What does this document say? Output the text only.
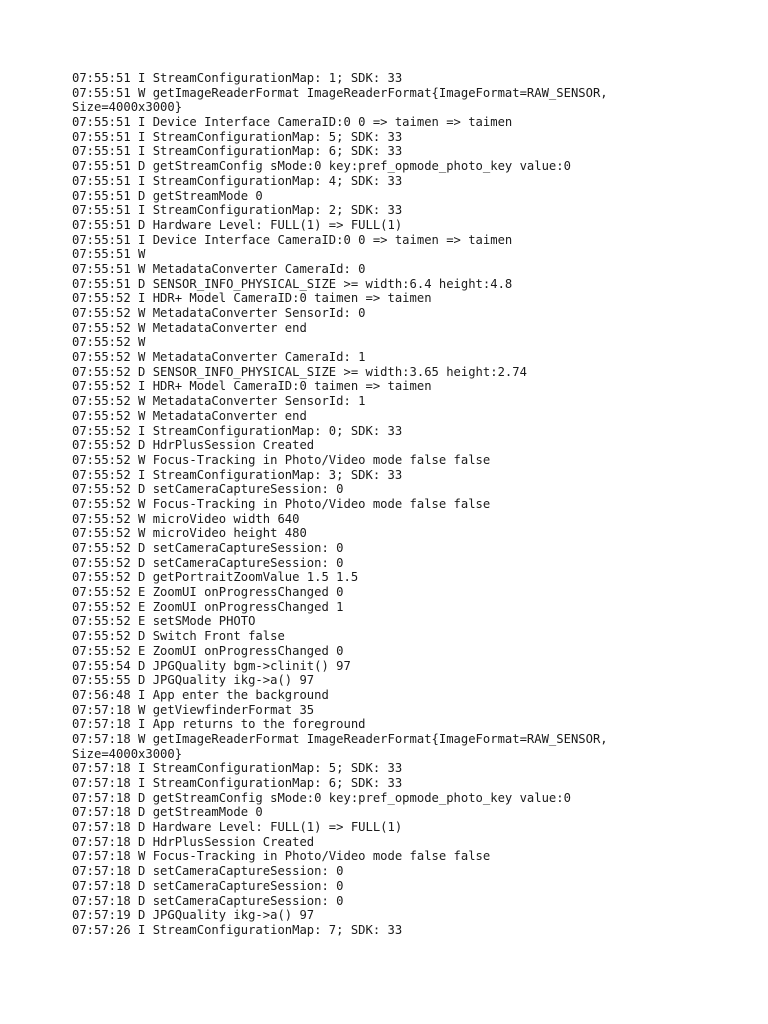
07:55:51 I StreamConfigurationMap: 1; SDK: 33
07:55:51 W getImageReaderFormat ImageReaderFormat{ImageFormat=RAW_SENSOR,
Size=4000x3000}
07:55:51 I Device Interface CameraID:0 0 => taimen => taimen
07:55:51 I StreamConfigurationMap: 5; SDK: 33
07:55:51 I StreamConfigurationMap: 6; SDK: 33
07:55:51 D getStreamConfig sMode:0 key:pref_opmode_photo_key value:0
07:55:51 I StreamConfigurationMap: 4; SDK: 33
07:55:51 D getStreamMode 0
07:55:51 I StreamConfigurationMap: 2; SDK: 33
07:55:51 D Hardware Level: FULL(1) => FULL(1)
07:55:51 I Device Interface CameraID:0 0 => taimen => taimen
07:55:51 W
07:55:51 W MetadataConverter CameraId: 0
07:55:51 D SENSOR_INFO_PHYSICAL_SIZE >= width:6.4 height:4.8
07:55:52 I HDR+ Model CameraID:0 taimen => taimen
07:55:52 W MetadataConverter SensorId: 0
07:55:52 W MetadataConverter end
07:55:52 W
07:55:52 W MetadataConverter CameraId: 1
07:55:52 D SENSOR_INFO_PHYSICAL_SIZE >= width:3.65 height:2.74
07:55:52 I HDR+ Model CameraID:0 taimen => taimen
07:55:52 W MetadataConverter SensorId: 1
07:55:52 W MetadataConverter end
07:55:52 I StreamConfigurationMap: 0; SDK: 33
07:55:52 D HdrPlusSession Created
07:55:52 W Focus-Tracking in Photo/Video mode false false
07:55:52 I StreamConfigurationMap: 3; SDK: 33
07:55:52 D setCameraCaptureSession: 0
07:55:52 W Focus-Tracking in Photo/Video mode false false
07:55:52 W microVideo width 640
07:55:52 W microVideo height 480
07:55:52 D setCameraCaptureSession: 0
07:55:52 D setCameraCaptureSession: 0
07:55:52 D getPortraitZoomValue 1.5 1.5
07:55:52 E ZoomUI onProgressChanged 0
07:55:52 E ZoomUI onProgressChanged 1
07:55:52 E setSMode PHOTO
07:55:52 D Switch Front false
07:55:52 E ZoomUI onProgressChanged 0
07:55:54 D JPGQuality bgm->clinit() 97
07:55:55 D JPGQuality ikg->a() 97
07:56:48 I App enter the background
07:57:18 W getViewfinderFormat 35
07:57:18 I App returns to the foreground
07:57:18 W getImageReaderFormat ImageReaderFormat{ImageFormat=RAW_SENSOR,
Size=4000x3000}
07:57:18 I StreamConfigurationMap: 5; SDK: 33
07:57:18 I StreamConfigurationMap: 6; SDK: 33
07:57:18 D getStreamConfig sMode:0 key:pref_opmode_photo_key value:0
07:57:18 D getStreamMode 0
07:57:18 D Hardware Level: FULL(1) => FULL(1)
07:57:18 D HdrPlusSession Created
07:57:18 W Focus-Tracking in Photo/Video mode false false
07:57:18 D setCameraCaptureSession: 0
07:57:18 D setCameraCaptureSession: 0
07:57:18 D setCameraCaptureSession: 0
07:57:19 D JPGQuality ikg->a() 97
07:57:26 I StreamConfigurationMap: 7; SDK: 33
